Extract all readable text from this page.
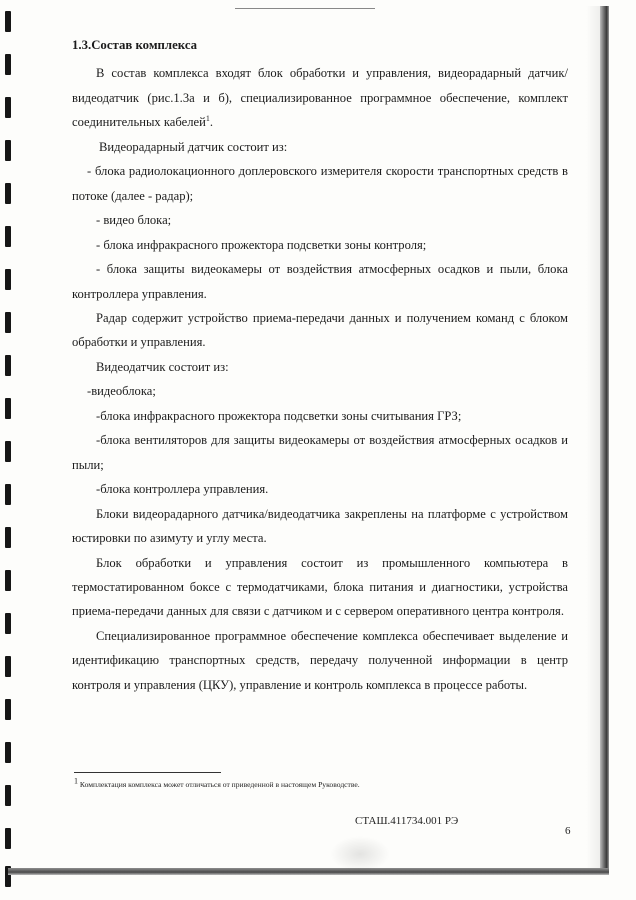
1.3.Состав комплекса

В состав комплекса входят блок обработки и управления, видеорадарный датчик/видеодатчик (рис.1.3а и б), специализированное программное обеспечение, комплект соединительных кабелей$^1$.

Видеорадарный датчик состоит из:

- блока радиолокационного доплеровского измерителя скорости транспортных средств в потоке (далее - радар);

- видео блока;

- блока инфракрасного прожектора подсветки зоны контроля;

- блока защиты видеокамеры от воздействия атмосферных осадков и пыли, блока контроллера управления.

Радар содержит устройство приема-передачи данных и получением команд с блоком обработки и управления.

Видеодатчик состоит из:

-видеоблока;

-блока инфракрасного прожектора подсветки зоны считывания ГРЗ;

-блока вентиляторов для защиты видеокамеры от воздействия атмосферных осадков и пыли;

-блока контроллера управления.

Блоки видеорадарного датчика/видеодатчика закреплены на платформе с устройством юстировки по азимуту и углу места.

Блок обработки и управления состоит из промышленного компьютера в термостатированном боксе с термодатчиками, блока питания и диагностики, устройства приема-передачи данных для связи с датчиком и с сервером оперативного центра контроля.

Специализированное программное обеспечение комплекса обеспечивает выделение и идентификацию транспортных средств, передачу полученной информации в центр контроля и управления (ЦКУ), управление и контроль комплекса в процессе работы.

$^1$ Комплектация комплекса может отличаться от приведенной в настоящем Руководстве.
СТАШ.411734.001 РЭ
6
